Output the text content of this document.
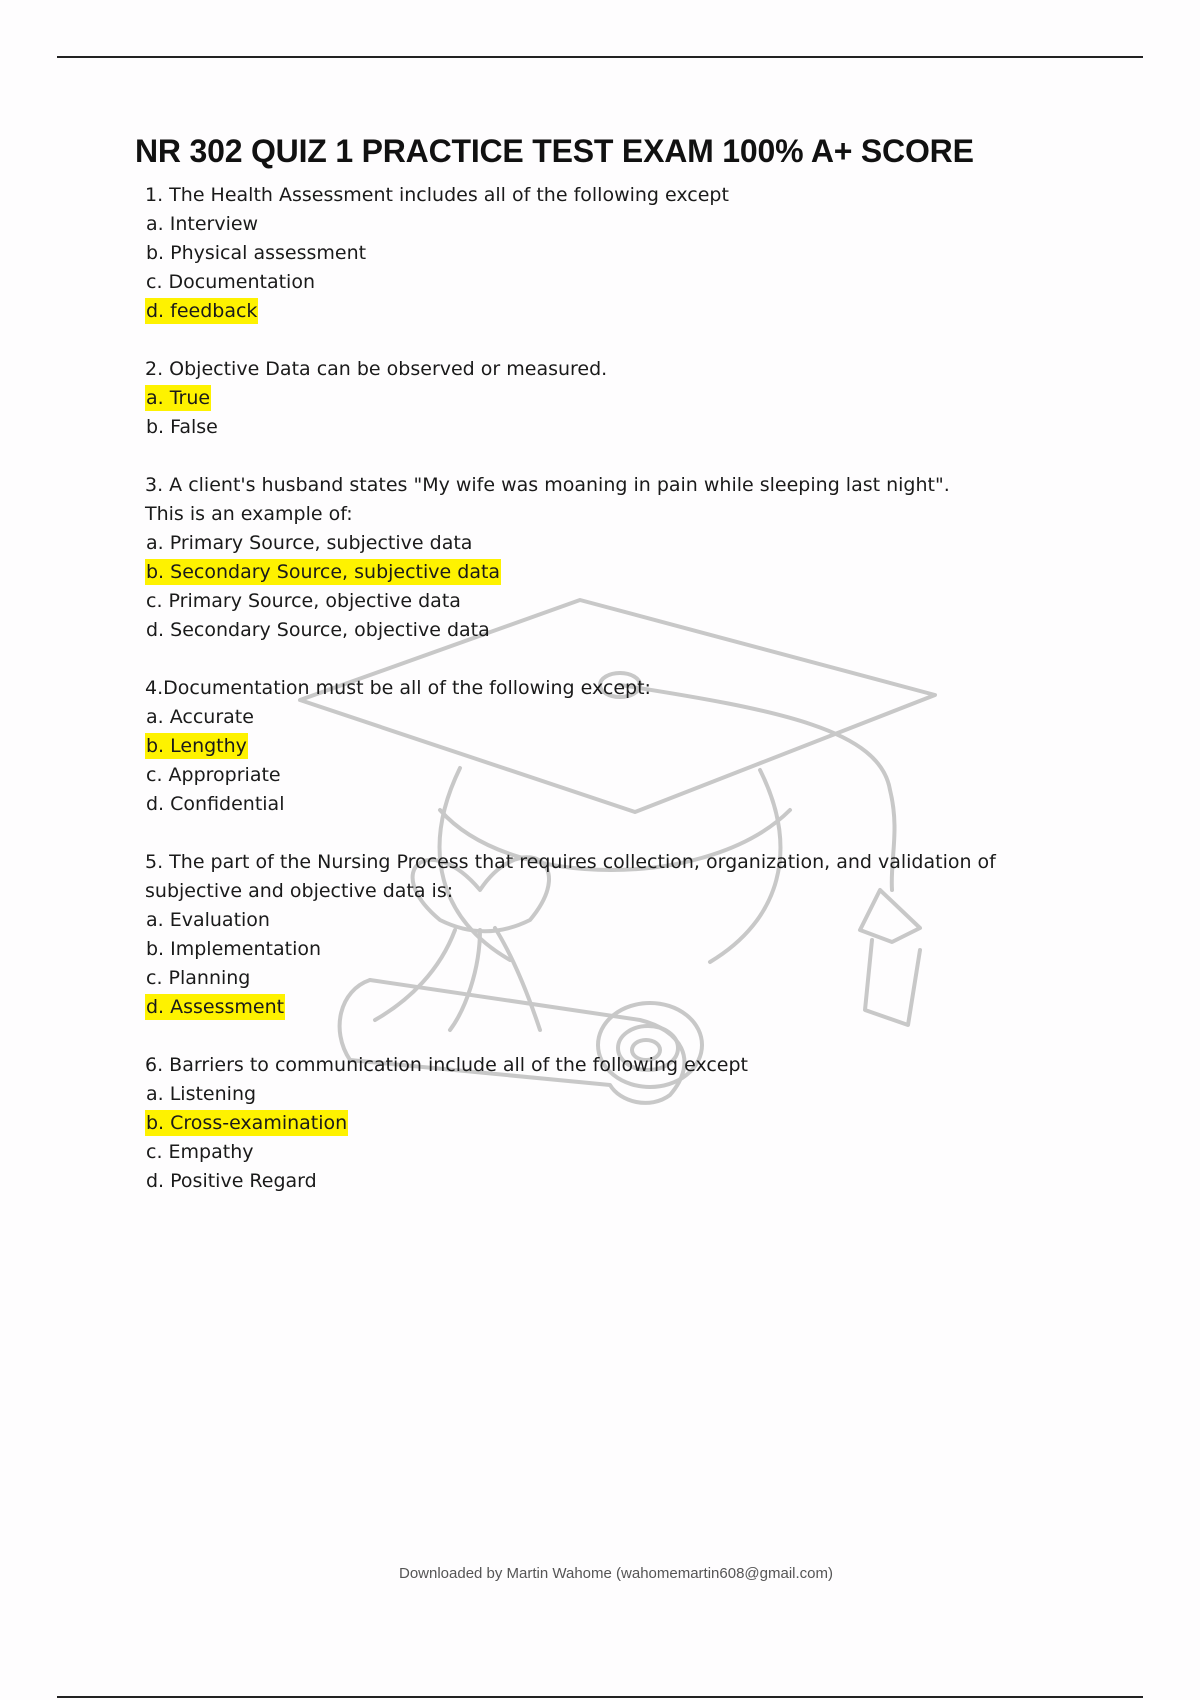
NR 302 QUIZ 1 PRACTICE TEST EXAM 100% A+ SCORE
1. The Health Assessment includes all of the following except
a. Interview
b. Physical assessment
c. Documentation
d. feedback
2. Objective Data can be observed or measured.
a. True
b. False
3. A client's husband states "My wife was moaning in pain while sleeping last night".
This is an example of:
a. Primary Source, subjective data
b. Secondary Source, subjective data
c. Primary Source, objective data
d. Secondary Source, objective data
4.Documentation must be all of the following except:
a. Accurate
b. Lengthy
c. Appropriate
d. Confidential
5. The part of the Nursing Process that requires collection, organization, and validation of
subjective and objective data is:
a. Evaluation
b. Implementation
c. Planning
d. Assessment
6. Barriers to communication include all of the following except
a. Listening
b. Cross-examination
c. Empathy
d. Positive Regard
Downloaded by Martin Wahome (wahomemartin608@gmail.com)
